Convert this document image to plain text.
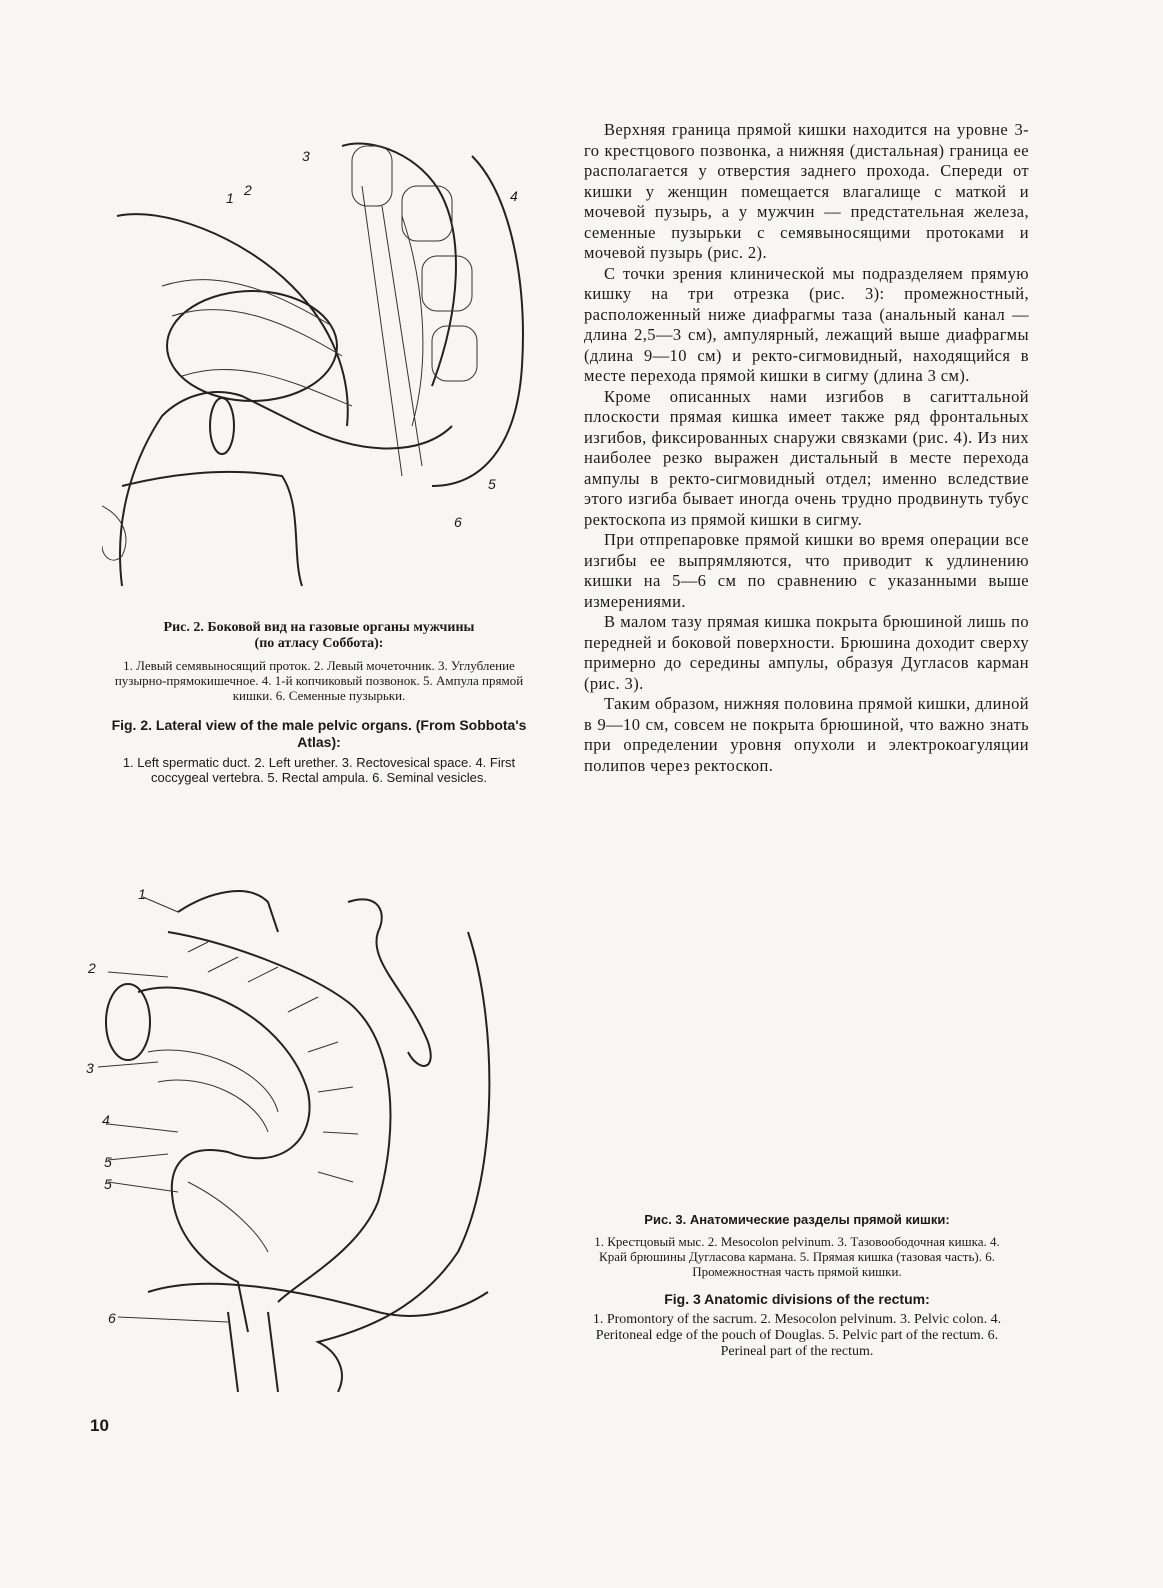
3
2
1	4
5
6
Рис. 2. Боковой вид на газовые органы мужчины
(по атласу Соббота):
1. Левый семявыносящий проток. 2. Левый мочеточник. 3. Углубление пузырно-прямокишечное. 4. 1-й копчиковый позвонок. 5. Ампула прямой кишки. 6. Семенные пузырьки.
Fig. 2. Lateral view of the male pelvic organs. (From Sobbota's Atlas):
1. Left spermatic duct. 2. Left urether. 3. Rectovesical space. 4. First coccygeal vertebra. 5. Rectal ampula. 6. Seminal vesicles.

Верхняя граница прямой кишки находится на уровне 3-го крестцового позвонка, а нижняя (дистальная) граница ее располагается у отверстия заднего прохода. Спереди от кишки у женщин помещается влагалище с маткой и мочевой пузырь, а у мужчин — предстательная железа, семенные пузырьки с семявыносящими протоками и мочевой пузырь (рис. 2).

С точки зрения клинической мы подразделяем прямую кишку на три отрезка (рис. 3): промежностный, расположенный ниже диафрагмы таза (анальный канал — длина 2,5—3 см), ампулярный, лежащий выше диафрагмы (длина 9—10 см) и ректо-сигмовидный, находящийся в месте перехода прямой кишки в сигму (длина 3 см).

Кроме описанных нами изгибов в сагиттальной плоскости прямая кишка имеет также ряд фронтальных изгибов, фиксированных снаружи связками (рис. 4). Из них наиболее резко выражен дистальный в месте перехода ампулы в ректо-сигмовидный отдел; именно вследствие этого изгиба бывает иногда очень трудно продвинуть тубус ректоскопа из прямой кишки в сигму.

При отпрепаровке прямой кишки во время операции все изгибы ее выпрямляются, что приводит к удлинению кишки на 5—6 см по сравнению с указанными выше измерениями.

В малом тазу прямая кишка покрыта брюшиной лишь по передней и боковой поверхности. Брюшина доходит сверху примерно до середины ампулы, образуя Дугласов карман (рис. 3).

Таким образом, нижняя половина прямой кишки, длиной в 9—10 см, совсем не покрыта брюшиной, что важно знать при определении уровня опухоли и электрокоагуляции полипов через ректоскоп.

1
2
3
4
5
5
6
Рис. 3. Анатомические разделы прямой кишки:
1. Крестцовый мыс. 2. Mesocolon pelvinum. 3. Тазовоободочная кишка. 4. Край брюшины Дугласова кармана. 5. Прямая кишка (тазовая часть). 6. Промежностная часть прямой кишки.
Fig. 3 Anatomic divisions of the rectum:
1. Promontory of the sacrum. 2. Mesocolon pelvinum. 3. Pelvic colon. 4. Peritoneal edge of the pouch of Douglas. 5. Pelvic part of the rectum. 6. Perineal part of the rectum.
10
